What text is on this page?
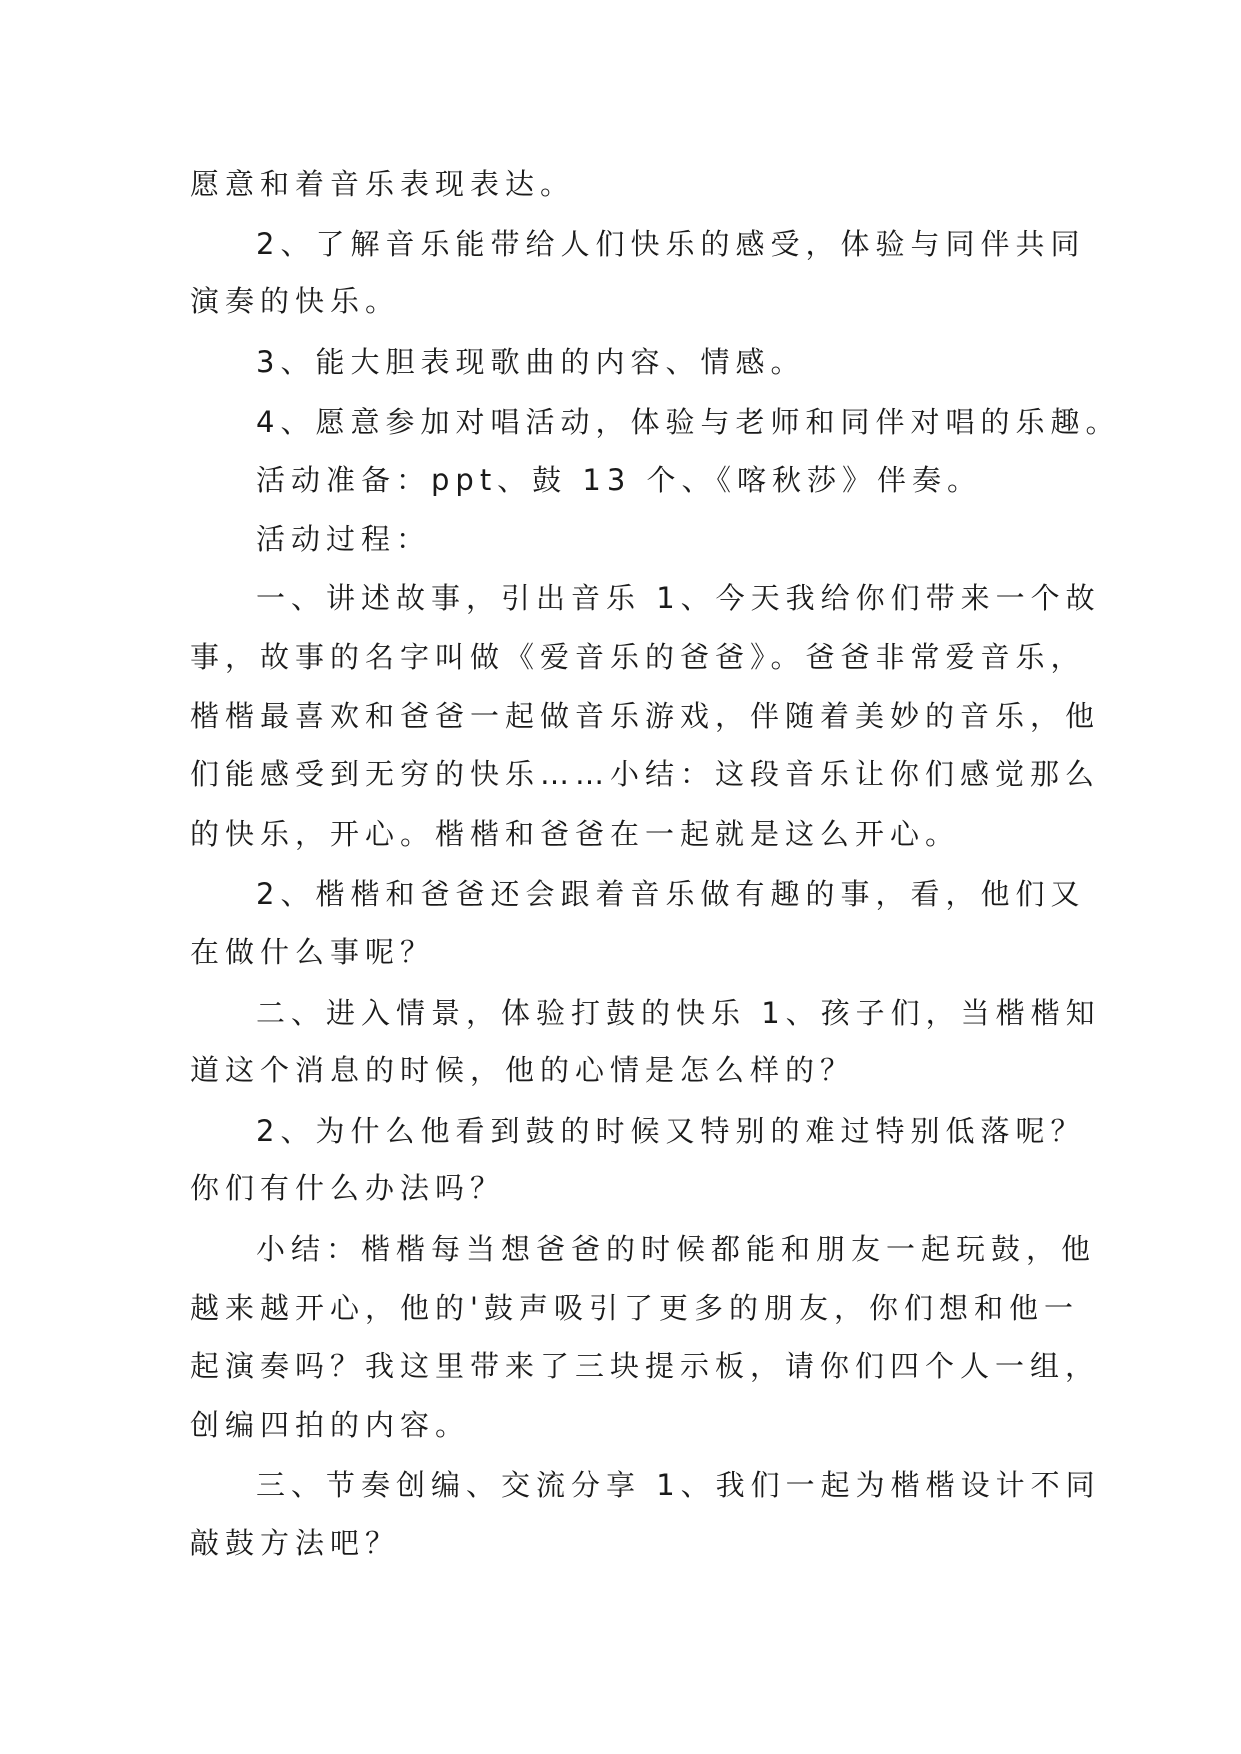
愿意和着音乐表现表达。
2、了解音乐能带给人们快乐的感受，体验与同伴共同
演奏的快乐。
3、能大胆表现歌曲的内容、情感。
4、愿意参加对唱活动，体验与老师和同伴对唱的乐趣。
活动准备：ppt、鼓 13 个、《喀秋莎》伴奏。
活动过程：
一、讲述故事，引出音乐 1、今天我给你们带来一个故
事，故事的名字叫做《爱音乐的爸爸》。爸爸非常爱音乐，
楷楷最喜欢和爸爸一起做音乐游戏，伴随着美妙的音乐，他
们能感受到无穷的快乐……小结：这段音乐让你们感觉那么
的快乐，开心。楷楷和爸爸在一起就是这么开心。
2、楷楷和爸爸还会跟着音乐做有趣的事，看，他们又
在做什么事呢？
二、进入情景，体验打鼓的快乐 1、孩子们，当楷楷知
道这个消息的时候，他的心情是怎么样的？
2、为什么他看到鼓的时候又特别的难过特别低落呢？
你们有什么办法吗？
小结：楷楷每当想爸爸的时候都能和朋友一起玩鼓，他
越来越开心，他的'鼓声吸引了更多的朋友，你们想和他一
起演奏吗？我这里带来了三块提示板，请你们四个人一组，
创编四拍的内容。
三、节奏创编、交流分享 1、我们一起为楷楷设计不同
敲鼓方法吧？
